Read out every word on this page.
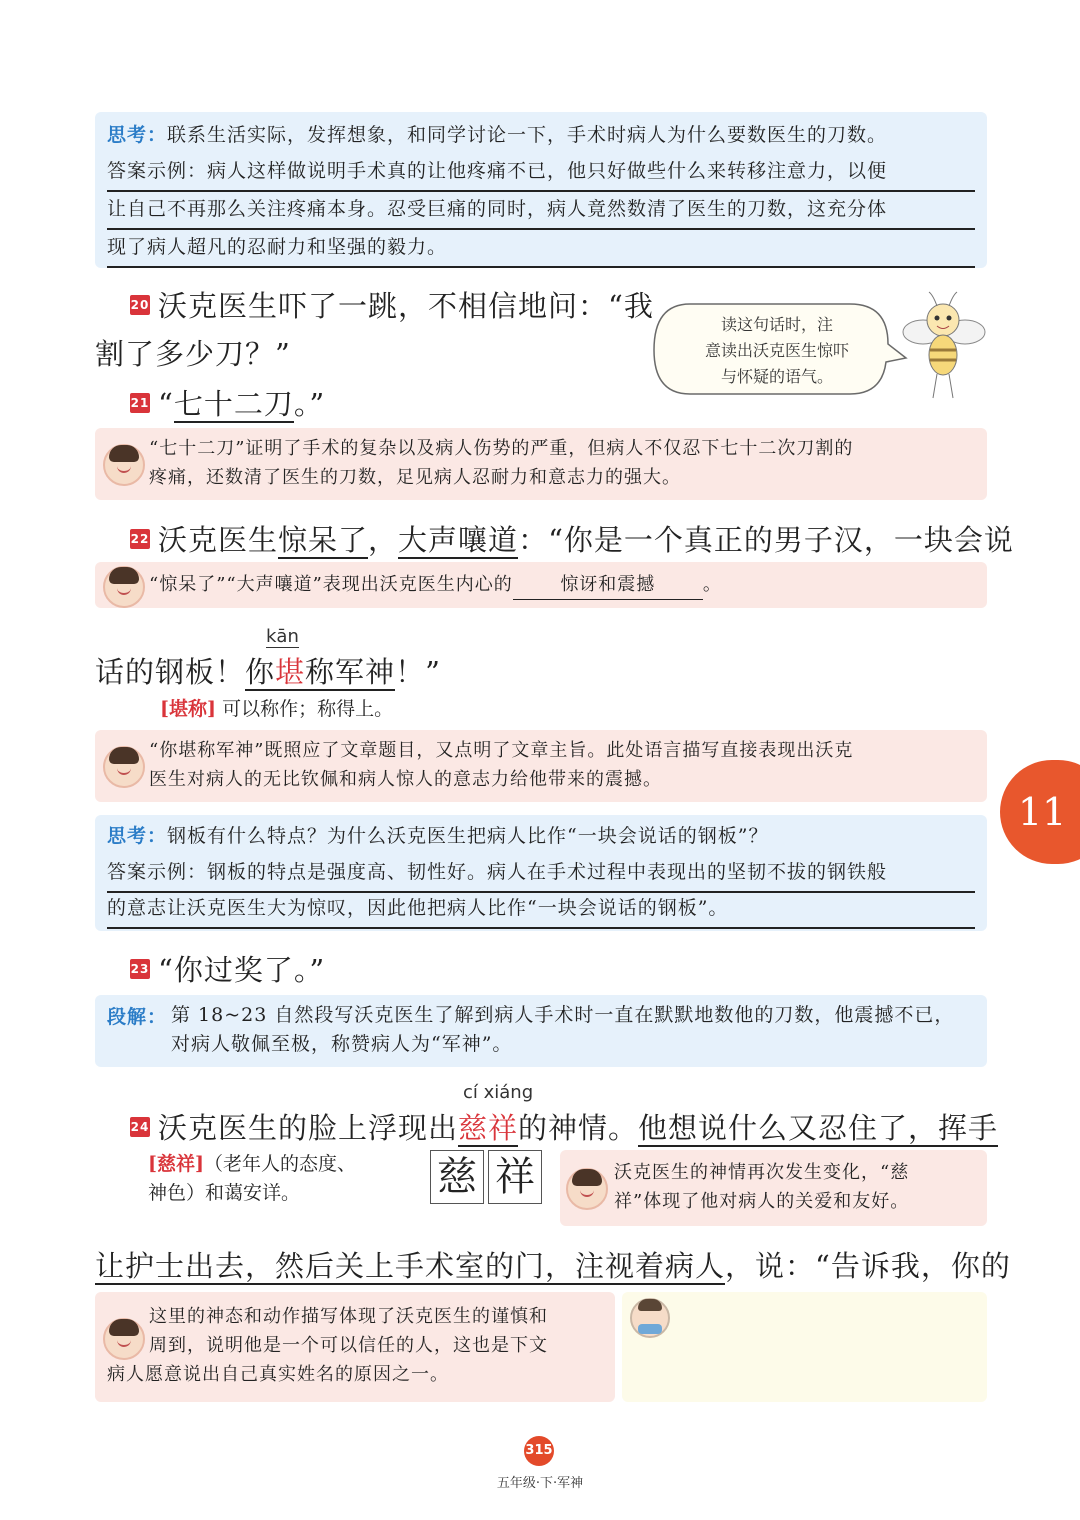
思考：联系生活实际，发挥想象，和同学讨论一下，手术时病人为什么要数医生的刀数。
答案示例：病人这样做说明手术真的让他疼痛不已，他只好做些什么来转移注意力，以便
让自己不再那么关注疼痛本身。忍受巨痛的同时，病人竟然数清了医生的刀数，这充分体
现了病人超凡的忍耐力和坚强的毅力。
20 沃克医生吓了一跳，不相信地问：“我
割了多少刀？”
读这句话时，注
意读出沃克医生惊吓
与怀疑的语气。
21 “七十二刀。”
“七十二刀”证明了手术的复杂以及病人伤势的严重，但病人不仅忍下七十二次刀割的
疼痛，还数清了医生的刀数，足见病人忍耐力和意志力的强大。
22 沃克医生惊呆了，大声嚷道：“你是一个真正的男子汉，一块会说
“惊呆了”“大声嚷道”表现出沃克医生内心的	惊讶和震撼	。
kān
话的钢板！你堪称军神！”
[堪称] 可以称作；称得上。
“你堪称军神”既照应了文章题目，又点明了文章主旨。此处语言描写直接表现出沃克
医生对病人的无比钦佩和病人惊人的意志力给他带来的震撼。
11
思考：钢板有什么特点？为什么沃克医生把病人比作“一块会说话的钢板”？
答案示例：钢板的特点是强度高、韧性好。病人在手术过程中表现出的坚韧不拔的钢铁般
的意志让沃克医生大为惊叹，因此他把病人比作“一块会说话的钢板”。
23 “你过奖了。”
段解： 第 18~23 自然段写沃克医生了解到病人手术时一直在默默地数他的刀数，他震撼不已，
对病人敬佩至极，称赞病人为“军神”。
cí xiáng
24 沃克医生的脸上浮现出慈祥的神情。他想说什么又忍住了，挥手
[慈祥]（老年人的态度、
神色）和蔼安详。	慈 祥	沃克医生的神情再次发生变化，“慈
祥”体现了他对病人的关爱和友好。
让护士出去，然后关上手术室的门，注视着病人，说：“告诉我，你的
这里的神态和动作描写体现了沃克医生的谨慎和
周到，说明他是一个可以信任的人，这也是下文
病人愿意说出自己真实姓名的原因之一。
315
五年级·下·军神
